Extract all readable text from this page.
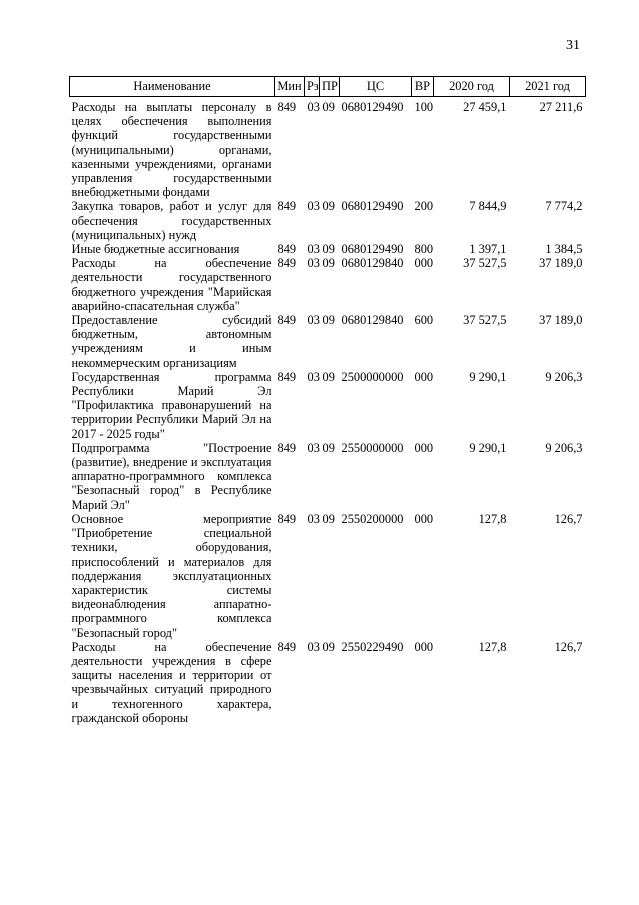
31
Наименование	Мин	Рз	ПР	ЦС	ВР	2020 год	2021 год
Расходы на выплаты персоналу в целях обеспечения выполнения функций государственными (муниципальными) органами, казенными учреждениями, органами управления государственными внебюджетными фондами	849	03	09	0680129490	100	27 459,1	27 211,6
Закупка товаров, работ и услуг для обеспечения государственных (муниципальных) нужд	849	03	09	0680129490	200	7 844,9	7 774,2
Иные бюджетные ассигнования	849	03	09	0680129490	800	1 397,1	1 384,5
Расходы на обеспечение деятельности государственного бюджетного учреждения "Марийская аварийно-спасательная служба"	849	03	09	0680129840	000	37 527,5	37 189,0
Предоставление субсидий бюджетным, автономным учреждениям и иным некоммерческим организациям	849	03	09	0680129840	600	37 527,5	37 189,0
Государственная программа Республики Марий Эл "Профилактика правонарушений на территории Республики Марий Эл на 2017 - 2025 годы"	849	03	09	2500000000	000	9 290,1	9 206,3
Подпрограмма "Построение (развитие), внедрение и эксплуатация аппаратно-программного комплекса "Безопасный город" в Республике Марий Эл"	849	03	09	2550000000	000	9 290,1	9 206,3
Основное мероприятие "Приобретение специальной техники, оборудования, приспособлений и материалов для поддержания эксплуатационных характеристик системы видеонаблюдения аппаратно-программного комплекса "Безопасный город"	849	03	09	2550200000	000	127,8	126,7
Расходы на обеспечение деятельности учреждения в сфере защиты населения и территории от чрезвычайных ситуаций природного и техногенного характера, гражданской обороны	849	03	09	2550229490	000	127,8	126,7
